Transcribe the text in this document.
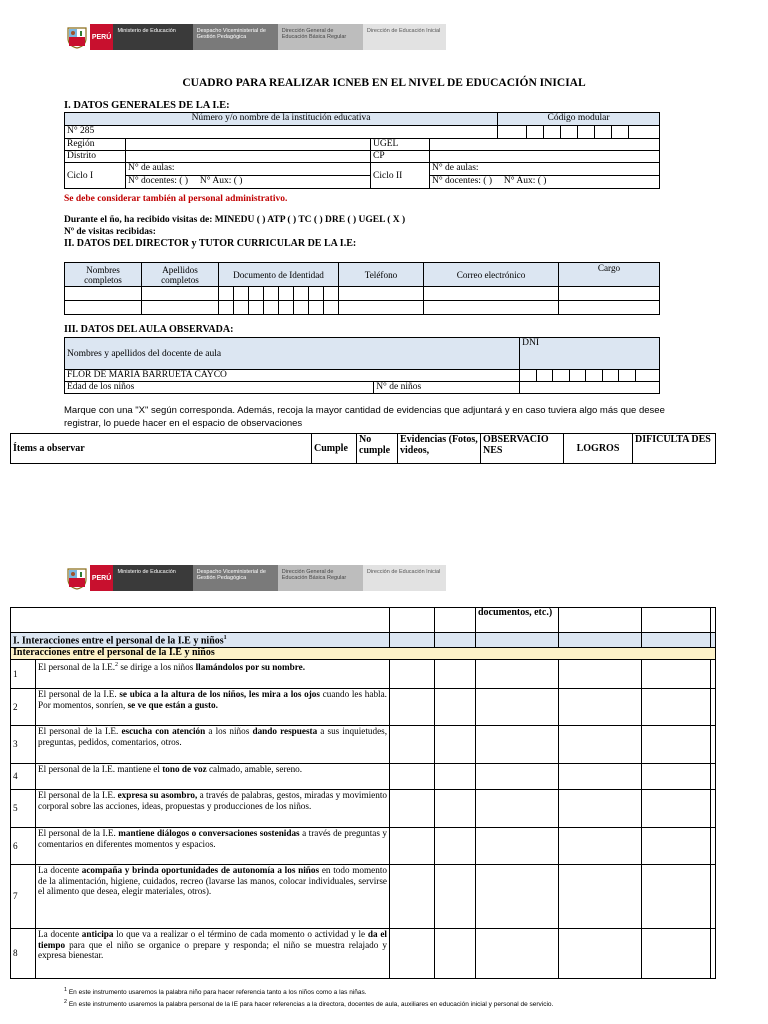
PERÚ
Ministerio de Educación	Despacho Viceministerial de Gestión Pedagógica
Dirección General de Educación Básica Regular
Dirección de Educación Inicial
CUADRO PARA REALIZAR ICNEB EN EL NIVEL DE EDUCACIÓN INICIAL
I. DATOS GENERALES DE LA I.E:
Número y/o nombre de la institución educativa				Código modular							
N° 285											
Región		UGEL									
Distrito		CP									
Ciclo I	N° de aulas:	Ciclo II	N° de aulas:								
	N° docentes: ( ) N° Aux: ( )		N° docentes: ( ) N° Aux: ( )								
Se debe considerar también al personal administrativo.
Durante el ño, ha recibido visitas de: MINEDU ( ) ATP ( ) TC ( ) DRE ( ) UGEL ( X )
Nº de visitas recibidas:
II. DATOS DEL DIRECTOR y TUTOR CURRICULAR DE LA I.E:
Nombres completos	Apellidos completos	Documento de Identidad								Teléfono	Correo electrónico	Cargo

III. DATOS DEL AULA OBSERVADA:
Nombres y apellidos del docente de aula		DNI							
FLOR DE MARIA BARRUETA CAYCO									
Edad de los niños	N° de niños								
Marque con una "X" según corresponda. Además, recoja la mayor cantidad de evidencias que adjuntará y en caso tuviera algo más que desee registrar, lo puede hacer en el espacio de observaciones
Ítems a observar	Cumple	No cumple	Evidencias (Fotos, videos,	OBSERVACIO NES	LOGROS	DIFICULTA DES
PERÚ
Ministerio de Educación	Despacho Viceministerial de Gestión Pedagógica
Dirección General de Educación Básica Regular
Dirección de Educación Inicial
				documentos, etc.)			
I. Interacciones entre el personal de la I.E y niños$^1$						
Interacciones entre el personal de la I.E y niños							
1	El personal de la I.E.$^2$ se dirige a los niños llamándolos por su nombre.						
2	El personal de la I.E. se ubica a la altura de los niños, les mira a los ojos cuando les habla. Por momentos, sonríen, se ve que están a gusto.						
3	El personal de la I.E. escucha con atención a los niños dando respuesta a sus inquietudes, preguntas, pedidos, comentarios, otros.						
4	El personal de la I.E. mantiene el tono de voz calmado, amable, sereno.						
5	El personal de la I.E. expresa su asombro, a través de palabras, gestos, miradas y movimiento corporal sobre las acciones, ideas, propuestas y producciones de los niños.						
6	El personal de la I.E. mantiene diálogos o conversaciones sostenidas a través de preguntas y comentarios en diferentes momentos y espacios.						
7	La docente acompaña y brinda oportunidades de autonomía a los niños en todo momento de la alimentación, higiene, cuidados, recreo (lavarse las manos, colocar individuales, servirse el alimento que desea, elegir materiales, otros).						
8	La docente anticipa lo que va a realizar o el término de cada momento o actividad y le da el tiempo para que el niño se organice o prepare y responda; el niño se muestra relajado y expresa bienestar.						
$^1$ En este instrumento usaremos la palabra niño para hacer referencia tanto a los niños como a las niñas.
$^2$ En este instrumento usaremos la palabra personal de la IE para hacer referencias a la directora, docentes de aula, auxiliares en educación inicial y personal de servicio.
